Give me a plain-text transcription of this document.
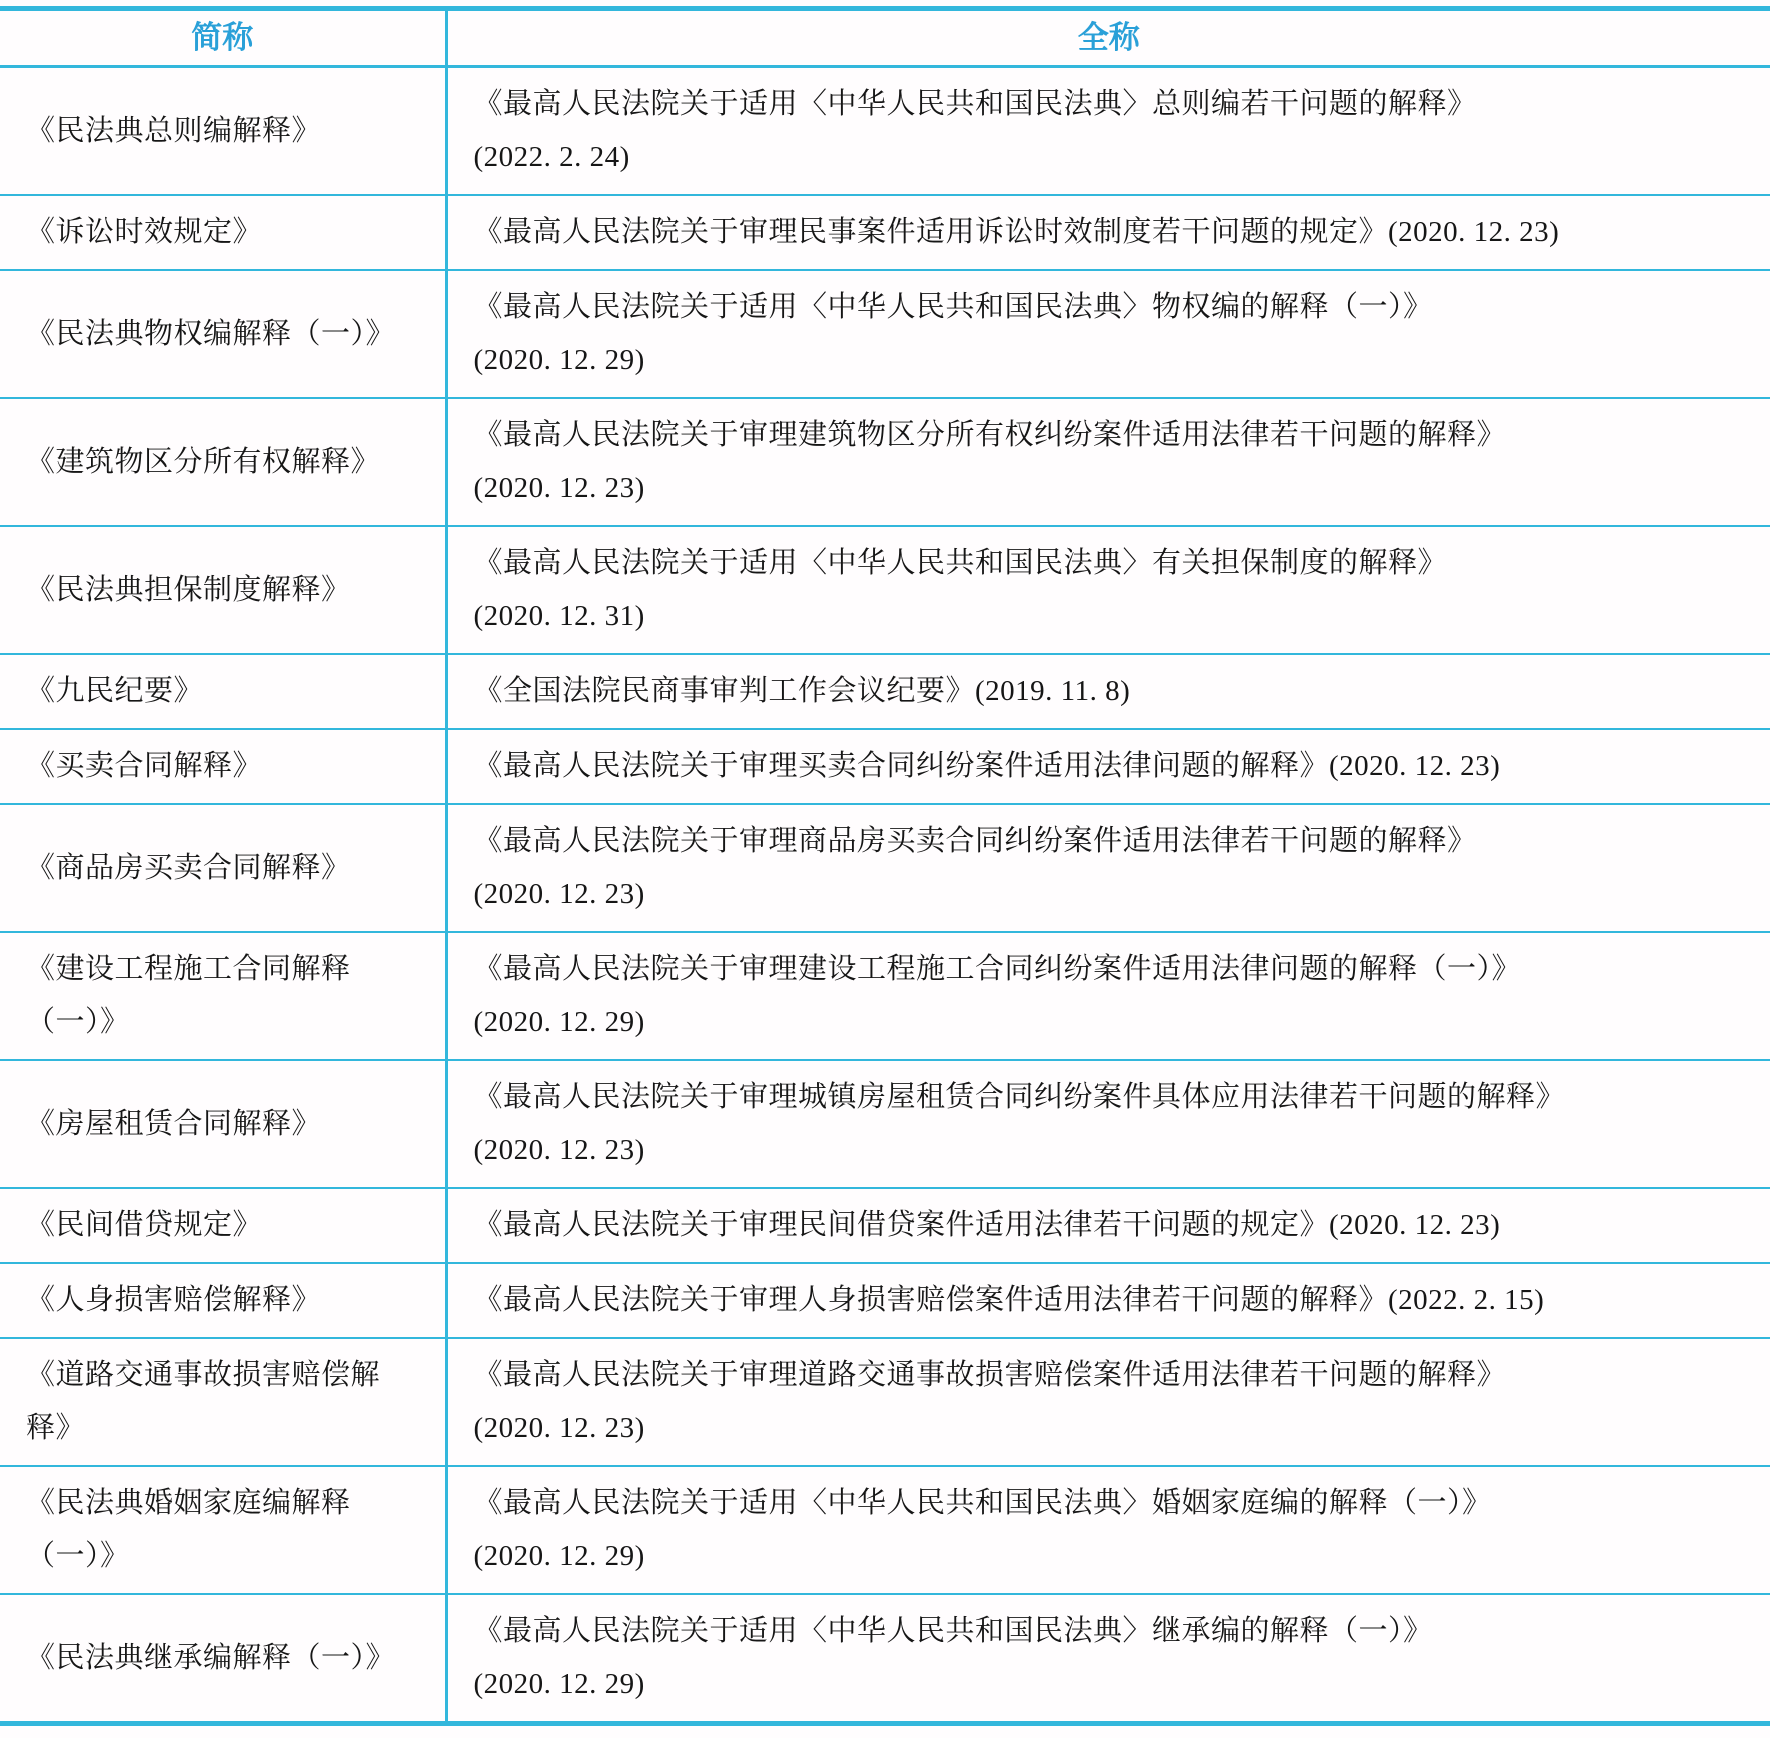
简称	全称
《民法典总则编解释》	《最高人民法院关于适用〈中华人民共和国民法典〉总则编若干问题的解释》
(2022. 2. 24)

《诉讼时效规定》	《最高人民法院关于审理民事案件适用诉讼时效制度若干问题的规定》(2020. 12. 23)

《民法典物权编解释（一）》	《最高人民法院关于适用〈中华人民共和国民法典〉物权编的解释（一）》
(2020. 12. 29)

《建筑物区分所有权解释》	《最高人民法院关于审理建筑物区分所有权纠纷案件适用法律若干问题的解释》
(2020. 12. 23)

《民法典担保制度解释》	《最高人民法院关于适用〈中华人民共和国民法典〉有关担保制度的解释》
(2020. 12. 31)

《九民纪要》	《全国法院民商事审判工作会议纪要》(2019. 11. 8)

《买卖合同解释》	《最高人民法院关于审理买卖合同纠纷案件适用法律问题的解释》(2020. 12. 23)

《商品房买卖合同解释》	《最高人民法院关于审理商品房买卖合同纠纷案件适用法律若干问题的解释》
(2020. 12. 23)

《建设工程施工合同解释（一）》	《最高人民法院关于审理建设工程施工合同纠纷案件适用法律问题的解释（一）》
(2020. 12. 29)

《房屋租赁合同解释》	《最高人民法院关于审理城镇房屋租赁合同纠纷案件具体应用法律若干问题的解释》
(2020. 12. 23)

《民间借贷规定》	《最高人民法院关于审理民间借贷案件适用法律若干问题的规定》(2020. 12. 23)

《人身损害赔偿解释》	《最高人民法院关于审理人身损害赔偿案件适用法律若干问题的解释》(2022. 2. 15)

《道路交通事故损害赔偿解释》	《最高人民法院关于审理道路交通事故损害赔偿案件适用法律若干问题的解释》
(2020. 12. 23)

《民法典婚姻家庭编解释（一）》	《最高人民法院关于适用〈中华人民共和国民法典〉婚姻家庭编的解释（一）》
(2020. 12. 29)

《民法典继承编解释（一）》	《最高人民法院关于适用〈中华人民共和国民法典〉继承编的解释（一）》
(2020. 12. 29)
